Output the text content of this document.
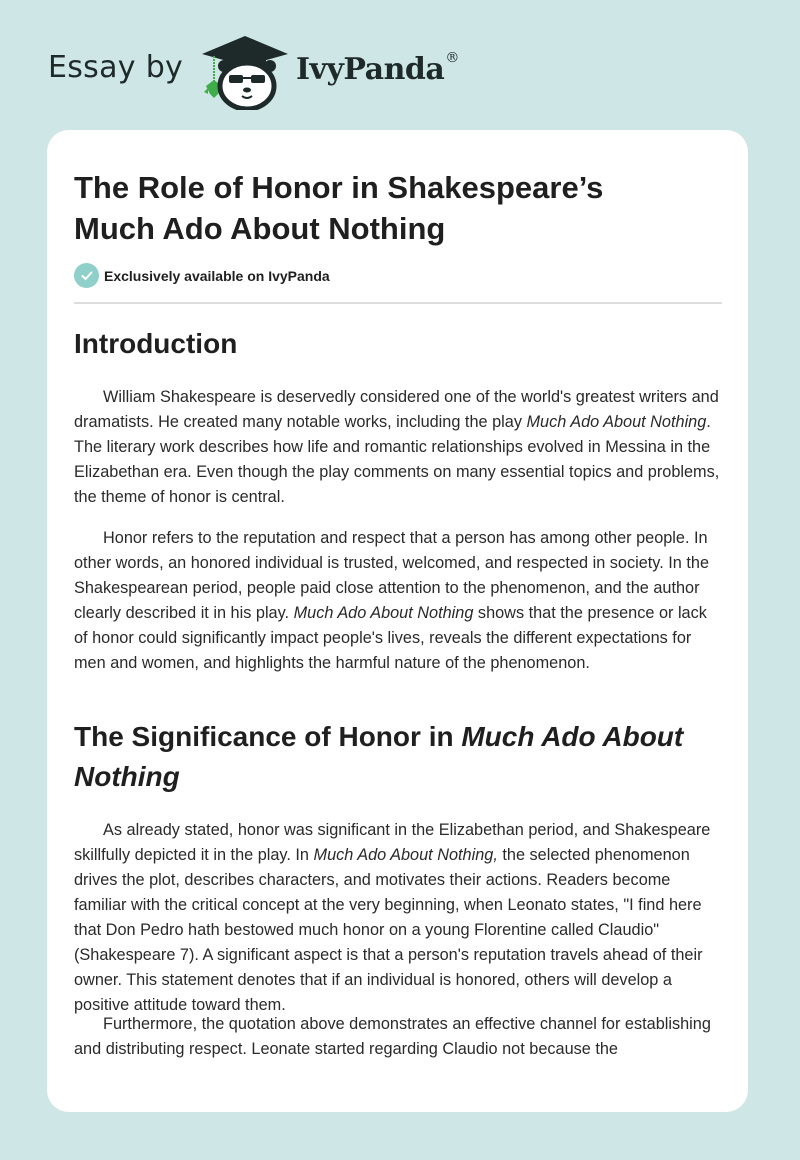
Essay by	IvyPanda®
The Role of Honor in Shakespeare’s
Much Ado About Nothing
Exclusively available on IvyPanda
Introduction

William Shakespeare is deservedly considered one of the world's greatest writers and dramatists. He created many notable works, including the play Much Ado About Nothing. The literary work describes how life and romantic relationships evolved in Messina in the Elizabethan era. Even though the play comments on many essential topics and problems, the theme of honor is central.

Honor refers to the reputation and respect that a person has among other people. In other words, an honored individual is trusted, welcomed, and respected in society. In the Shakespearean period, people paid close attention to the phenomenon, and the author clearly described it in his play. Much Ado About Nothing shows that the presence or lack of honor could significantly impact people's lives, reveals the different expectations for men and women, and highlights the harmful nature of the phenomenon.

The Significance of Honor in Much Ado About Nothing

As already stated, honor was significant in the Elizabethan period, and Shakespeare skillfully depicted it in the play. In Much Ado About Nothing, the selected phenomenon drives the plot, describes characters, and motivates their actions. Readers become familiar with the critical concept at the very beginning, when Leonato states, "I find here that Don Pedro hath bestowed much honor on a young Florentine called Claudio" (Shakespeare 7). A significant aspect is that a person's reputation travels ahead of their owner. This statement denotes that if an individual is honored, others will develop a positive attitude toward them.

Furthermore, the quotation above demonstrates an effective channel for establishing and distributing respect. Leonate started regarding Claudio not because the
